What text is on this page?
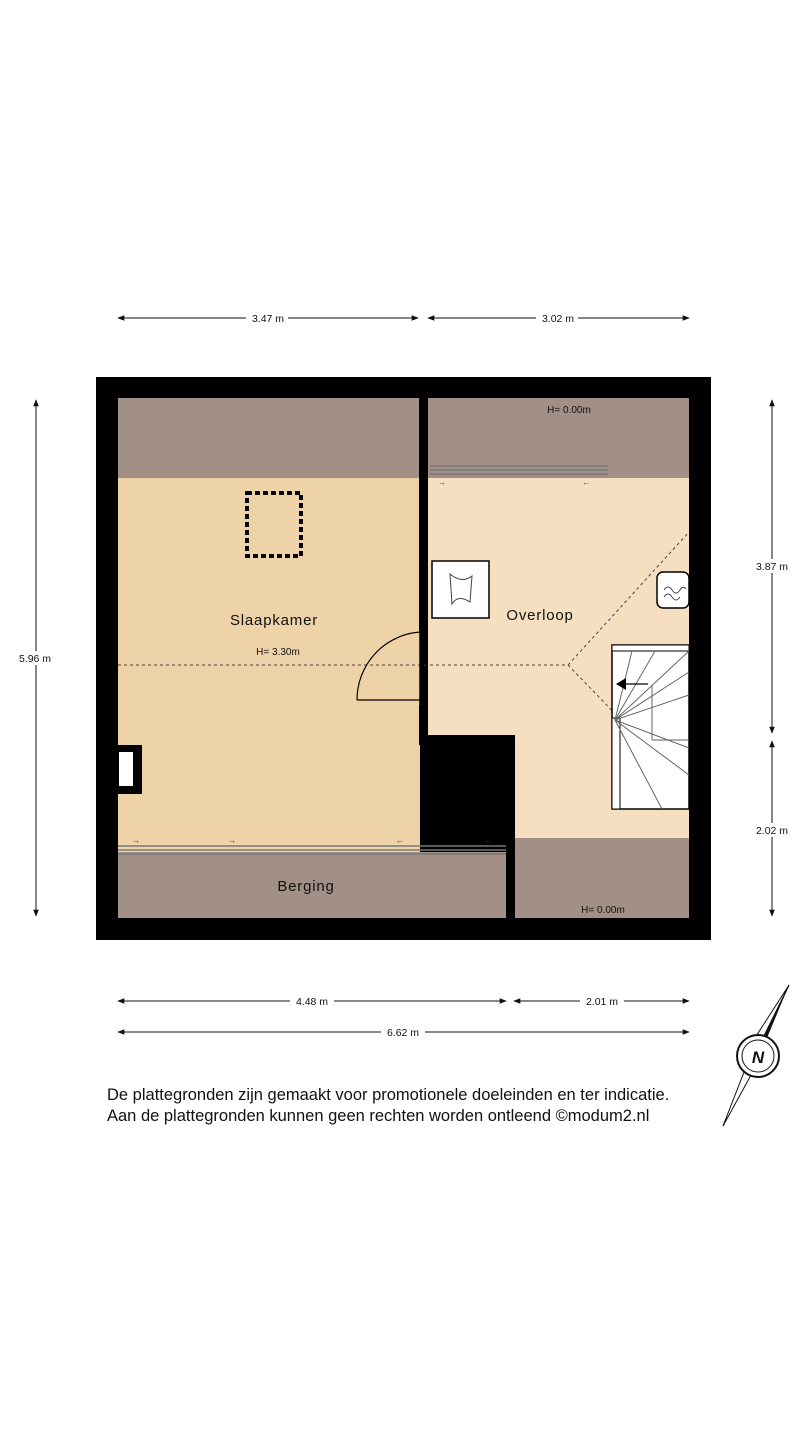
→	←
→	→	←	←
3.47 m	3.02 m
5.96 m
3.87 m
2.02 m
4.48 m	2.01 m
6.62 m
Slaapkamer	Overloop
Berging
H= 3.30m
H= 0.00m
H= 0.00m
N
De plattegronden zijn gemaakt voor promotionele doeleinden en ter indicatie.
Aan de plattegronden kunnen geen rechten worden ontleend ©modum2.nl
